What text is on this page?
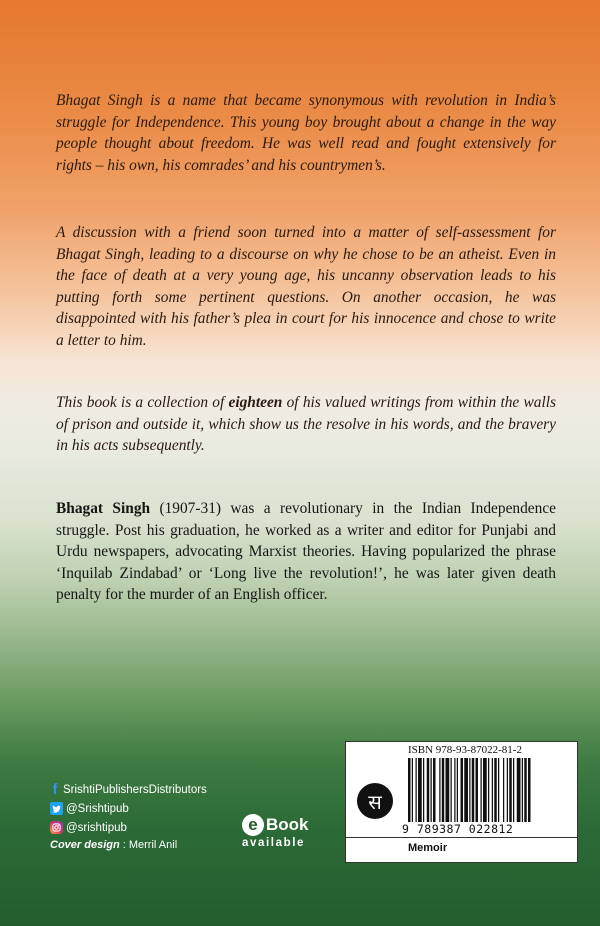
Bhagat Singh is a name that became synonymous with revolution in India’s struggle for Independence. This young boy brought about a change in the way people thought about freedom. He was well read and fought extensively for rights – his own, his comrades’ and his countrymen’s.

A discussion with a friend soon turned into a matter of self-assessment for Bhagat Singh, leading to a discourse on why he chose to be an atheist. Even in the face of death at a very young age, his uncanny observation leads to his putting forth some pertinent questions. On another occasion, he was disappointed with his father’s plea in court for his innocence and chose to write a letter to him.

This book is a collection of eighteen of his valued writings from within the walls of prison and outside it, which show us the resolve in his words, and the bravery in his acts subsequently.

Bhagat Singh (1907-31) was a revolutionary in the Indian Independence struggle. Post his graduation, he worked as a writer and editor for Punjabi and Urdu newspapers, advocating Marxist theories. Having popularized the phrase ‘Inquilab Zindabad’ or ‘Long live the revolution!’, he was later given death penalty for the murder of an English officer.

f SrishtiPublishersDistributors
@Srishtipub
@srishtipub
Cover design : Merril Anil
e Book
available
स
ISBN 978-93-87022-81-2
9 789387 022812
Memoir
